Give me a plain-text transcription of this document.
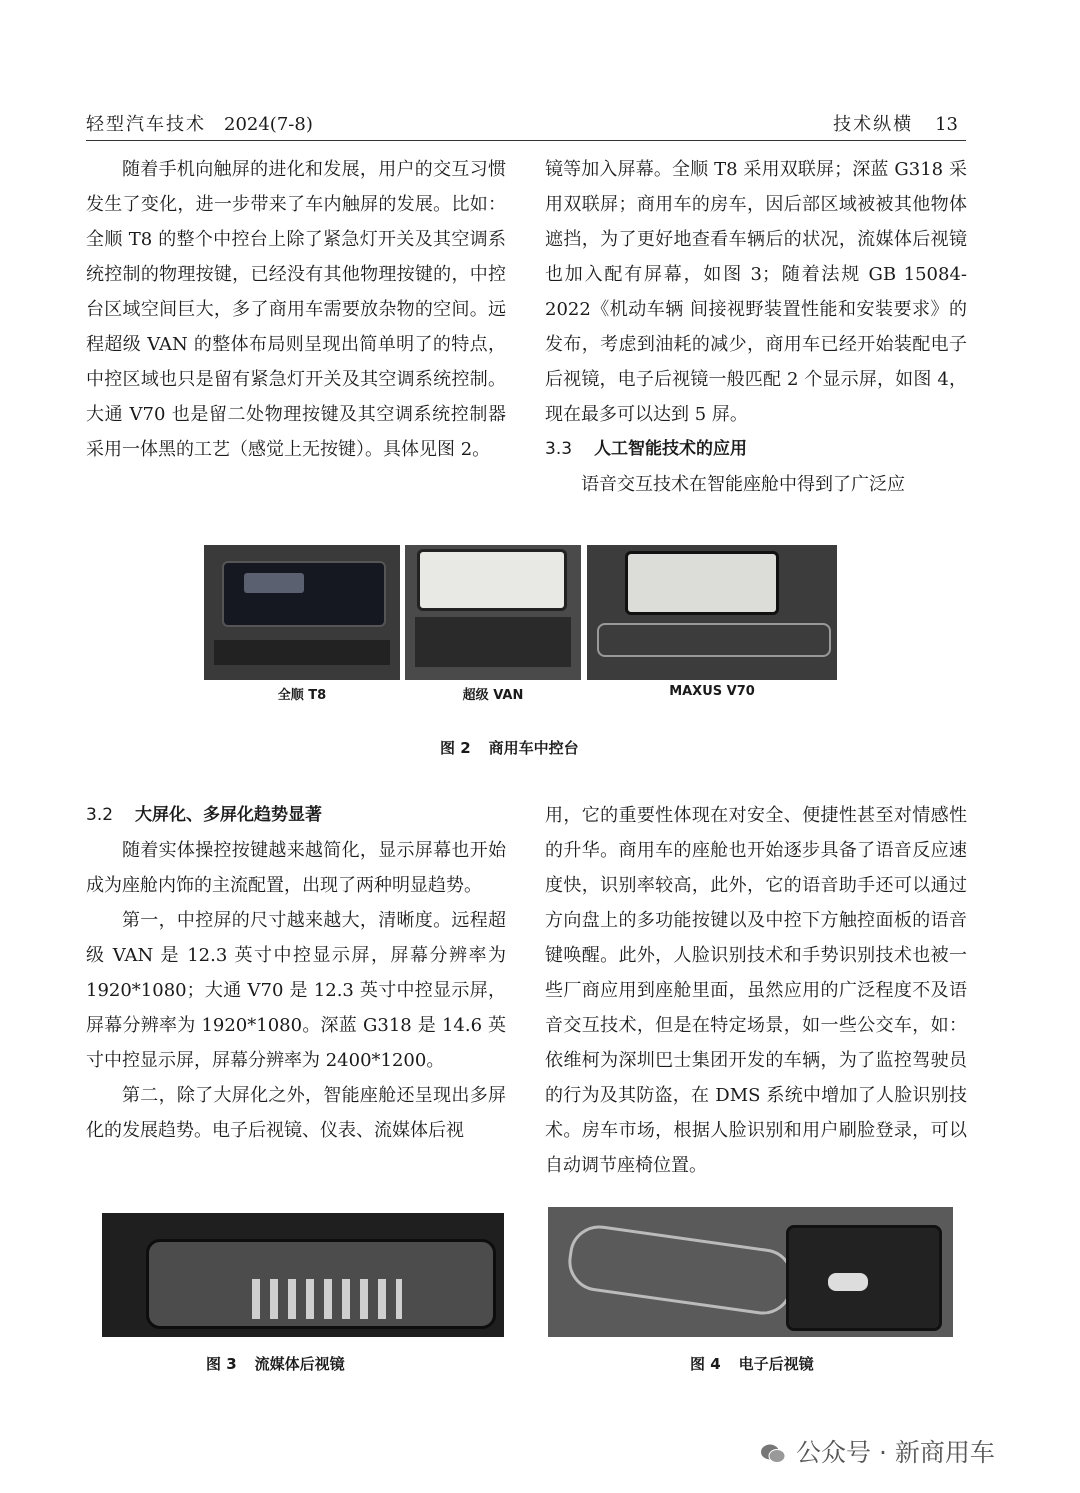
轻型汽车技术 2024(7-8)	技术纵横 13

随着手机向触屏的进化和发展，用户的交互习惯发生了变化，进一步带来了车内触屏的发展。比如：全顺 T8 的整个中控台上除了紧急灯开关及其空调系统控制的物理按键，已经没有其他物理按键的，中控台区域空间巨大，多了商用车需要放杂物的空间。远程超级 VAN 的整体布局则呈现出简单明了的特点，中控区域也只是留有紧急灯开关及其空调系统控制。大通 V70 也是留二处物理按键及其空调系统控制器采用一体黑的工艺（感觉上无按键）。具体见图 2。

镜等加入屏幕。全顺 T8 采用双联屏；深蓝 G318 采用双联屏；商用车的房车，因后部区域被被其他物体遮挡，为了更好地查看车辆后的状况，流媒体后视镜也加入配有屏幕，如图 3；随着法规 GB 15084-2022《机动车辆 间接视野装置性能和安装要求》的发布，考虑到油耗的减少，商用车已经开始装配电子后视镜，电子后视镜一般匹配 2 个显示屏，如图 4，现在最多可以达到 5 屏。

3.3 人工智能技术的应用

语音交互技术在智能座舱中得到了广泛应

全顺 T8	超级 VAN	MAXUS V70
图 2 商用车中控台
3.2 大屏化、多屏化趋势显著

随着实体操控按键越来越简化，显示屏幕也开始成为座舱内饰的主流配置，出现了两种明显趋势。

第一，中控屏的尺寸越来越大，清晰度。远程超级 VAN 是 12.3 英寸中控显示屏，屏幕分辨率为 1920*1080；大通 V70 是 12.3 英寸中控显示屏，屏幕分辨率为 1920*1080。深蓝 G318 是 14.6 英寸中控显示屏，屏幕分辨率为 2400*1200。

第二，除了大屏化之外，智能座舱还呈现出多屏化的发展趋势。电子后视镜、仪表、流媒体后视

用，它的重要性体现在对安全、便捷性甚至对情感性的升华。商用车的座舱也开始逐步具备了语音反应速度快，识别率较高，此外，它的语音助手还可以通过方向盘上的多功能按键以及中控下方触控面板的语音键唤醒。此外，人脸识别技术和手势识别技术也被一些厂商应用到座舱里面，虽然应用的广泛程度不及语音交互技术，但是在特定场景，如一些公交车，如：依维柯为深圳巴士集团开发的车辆，为了监控驾驶员的行为及其防盗，在 DMS 系统中增加了人脸识别技术。房车市场，根据人脸识别和用户刷脸登录，可以自动调节座椅位置。

图 3 流媒体后视镜	图 4 电子后视镜
公众号 · 新商用车
